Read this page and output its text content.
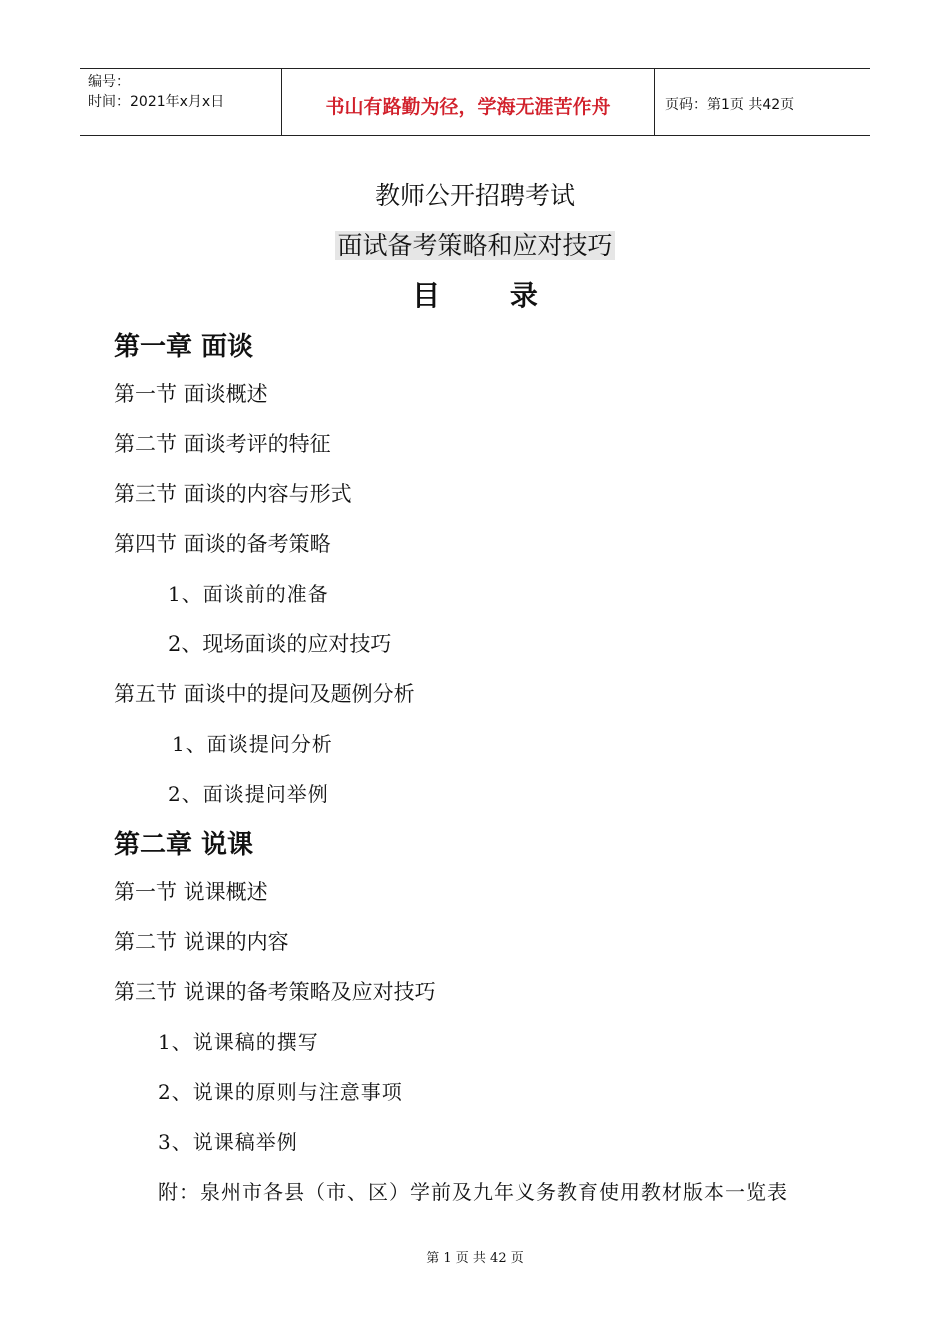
编号：
时间：2021年x月x日	书山有路勤为径，学海无涯苦作舟	页码：第1页 共42页
教师公开招聘考试
面试备考策略和应对技巧
目 录
第一章 面谈
第一节 面谈概述
第二节 面谈考评的特征
第三节 面谈的内容与形式
第四节 面谈的备考策略
1、面谈前的准备
2、现场面谈的应对技巧
第五节 面谈中的提问及题例分析
1、面谈提问分析
2、面谈提问举例
第二章 说课
第一节 说课概述
第二节 说课的内容
第三节 说课的备考策略及应对技巧
1、说课稿的撰写
2、说课的原则与注意事项
3、说课稿举例
附：泉州市各县（市、区）学前及九年义务教育使用教材版本一览表
第 1 页 共 42 页
